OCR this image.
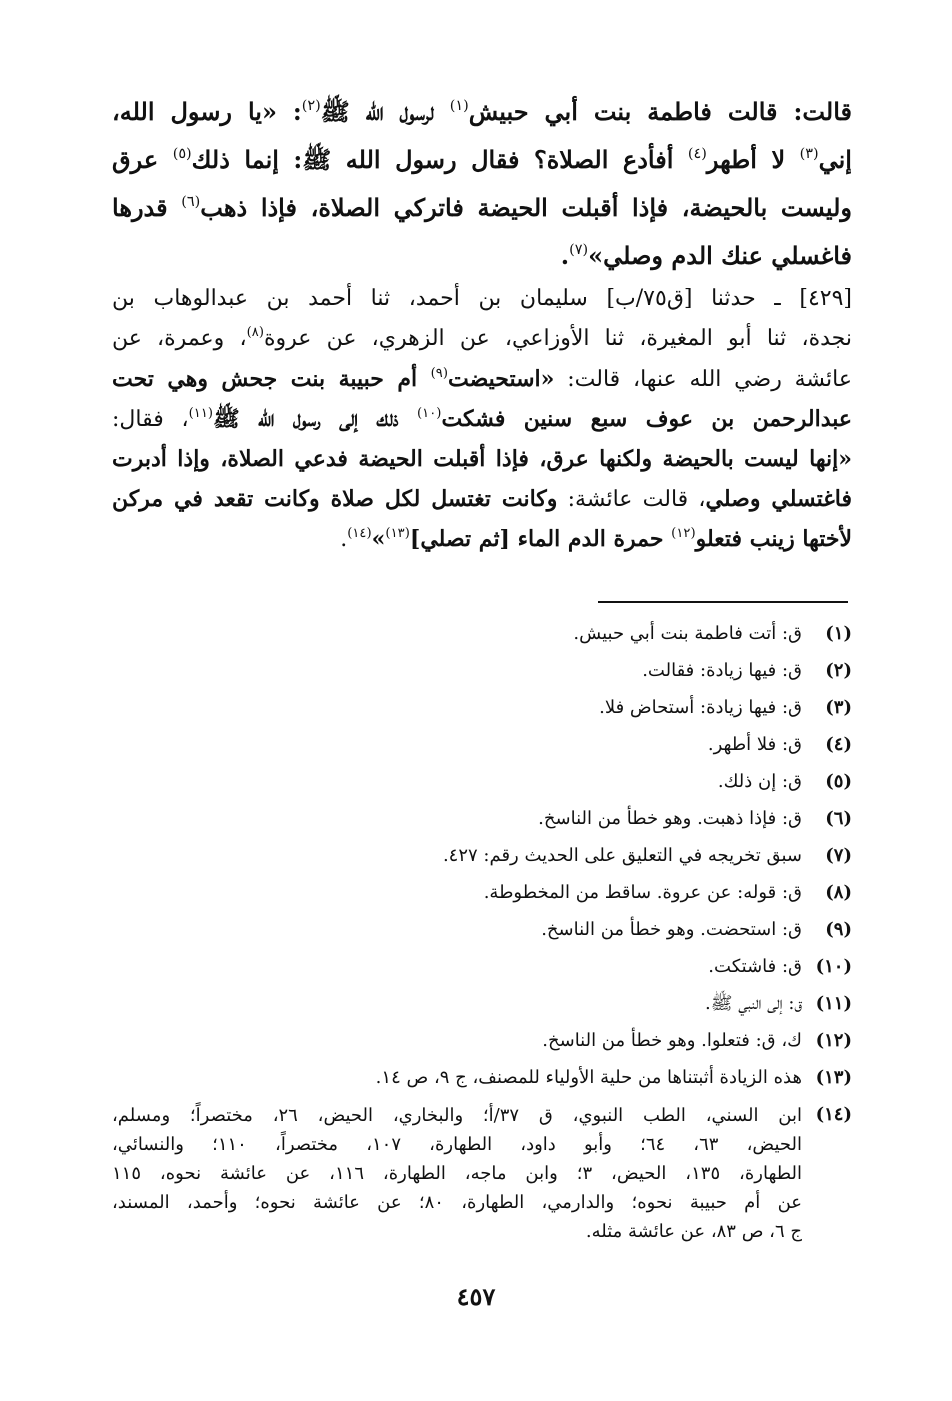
قالت: قالت فاطمة بنت أبي حبيش$^{(١)}$ لرسول الله ﷺ$^{(٢)}$: «يا رسول الله،
إني$^{(٣)}$ لا أطهر$^{(٤)}$ أفأدع الصلاة؟ فقال رسول الله ﷺ: إنما ذلك$^{(٥)}$ عرق
وليست بالحيضة، فإذا أقبلت الحيضة فاتركي الصلاة، فإذا ذهب$^{(٦)}$ قدرها
فاغسلي عنك الدم وصلي»$^{(٧)}$.
[٤٢٩] ـ حدثنا [ق٧٥/ب] سليمان بن أحمد، ثنا أحمد بن عبدالوهاب بن
نجدة، ثنا أبو المغيرة، ثنا الأوزاعي، عن الزهري، عن عروة$^{(٨)}$، وعمرة، عن
عائشة رضي الله عنها، قالت: «استحيضت$^{(٩)}$ أم حبيبة بنت جحش وهي تحت
عبدالرحمن بن عوف سبع سنين فشكت$^{(١٠)}$ ذلك إلى رسول الله ﷺ$^{(١١)}$، فقال:
«إنها ليست بالحيضة ولكنها عرق، فإذا أقبلت الحيضة فدعي الصلاة، وإذا أدبرت
فاغتسلي وصلي، قالت عائشة: وكانت تغتسل لكل صلاة وكانت تقعد في مركن
لأختها زينب فتعلو$^{(١٢)}$ حمرة الدم الماء [ثم تصلي]$^{(١٣)}$»$^{(١٤)}$.
(١)
ق: أتت فاطمة بنت أبي حبيش.
(٢)
ق: فيها زيادة: فقالت.
(٣)
ق: فيها زيادة: أستحاض فلا.
(٤)
ق: فلا أطهر.
(٥)
ق: إن ذلك.
(٦)
ق: فإذا ذهبت. وهو خطأ من الناسخ.
(٧)
سبق تخريجه في التعليق على الحديث رقم: ٤٢٧.
(٨)
ق: قوله: عن عروة. ساقط من المخطوطة.
(٩)
ق: استحضت. وهو خطأ من الناسخ.
(١٠)
ق: فاشتكت.
(١١)
ق: إلى النبي ﷺ.
(١٢)
ك، ق: فتعلوا. وهو خطأ من الناسخ.
(١٣)
هذه الزيادة أثبتناها من حلية الأولياء للمصنف، ج ٩، ص ١٤.
(١٤)
ابن السني، الطب النبوي، ق ٣٧/أ؛ والبخاري، الحيض، ٢٦، مختصراً؛ ومسلم،
الحيض، ٦٣، ٦٤؛ وأبو داود، الطهارة، ١٠٧، مختصراً، ١١٠؛ والنسائي،
الطهارة، ١٣٥، الحيض، ٣؛ وابن ماجه، الطهارة، ١١٦، عن عائشة نحوه، ١١٥
عن أم حبيبة نحوه؛ والدارمي، الطهارة، ٨٠؛ عن عائشة نحوه؛ وأحمد، المسند،
ج ٦، ص ٨٣، عن عائشة مثله.
٤٥٧
